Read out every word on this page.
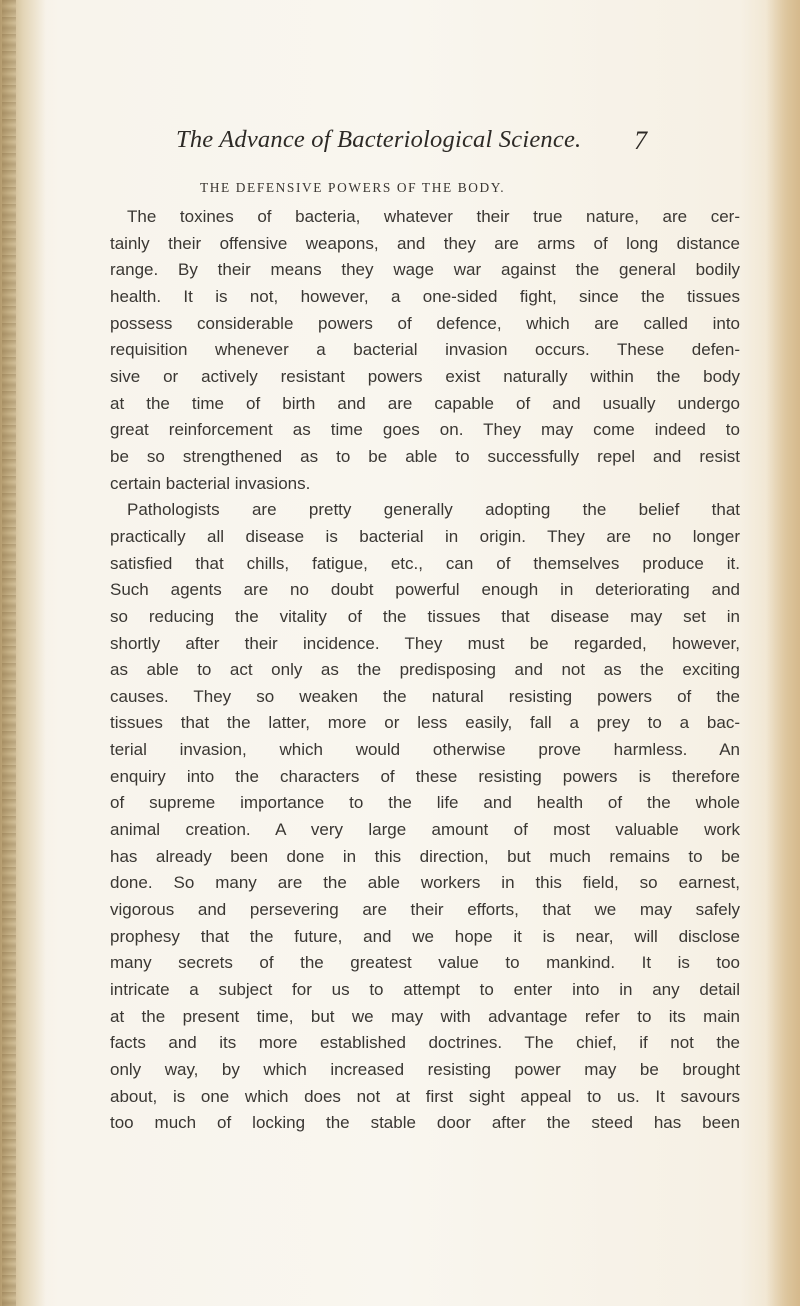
The Advance of Bacteriological Science.	7
THE DEFENSIVE POWERS OF THE BODY.
The toxines of bacteria, whatever their true nature, are cer-
tainly their offensive weapons, and they are arms of long distance
range. By their means they wage war against the general bodily
health. It is not, however, a one-sided fight, since the tissues
possess considerable powers of defence, which are called into
requisition whenever a bacterial invasion occurs. These defen-
sive or actively resistant powers exist naturally within the body
at the time of birth and are capable of and usually undergo
great reinforcement as time goes on. They may come indeed to
be so strengthened as to be able to successfully repel and resist
certain bacterial invasions.
Pathologists are pretty generally adopting the belief that
practically all disease is bacterial in origin. They are no longer
satisfied that chills, fatigue, etc., can of themselves produce it.
Such agents are no doubt powerful enough in deteriorating and
so reducing the vitality of the tissues that disease may set in
shortly after their incidence. They must be regarded, however,
as able to act only as the predisposing and not as the exciting
causes. They so weaken the natural resisting powers of the
tissues that the latter, more or less easily, fall a prey to a bac-
terial invasion, which would otherwise prove harmless. An
enquiry into the characters of these resisting powers is therefore
of supreme importance to the life and health of the whole
animal creation. A very large amount of most valuable work
has already been done in this direction, but much remains to be
done. So many are the able workers in this field, so earnest,
vigorous and persevering are their efforts, that we may safely
prophesy that the future, and we hope it is near, will disclose
many secrets of the greatest value to mankind. It is too
intricate a subject for us to attempt to enter into in any detail
at the present time, but we may with advantage refer to its main
facts and its more established doctrines. The chief, if not the
only way, by which increased resisting power may be brought
about, is one which does not at first sight appeal to us. It savours
too much of locking the stable door after the steed has been
